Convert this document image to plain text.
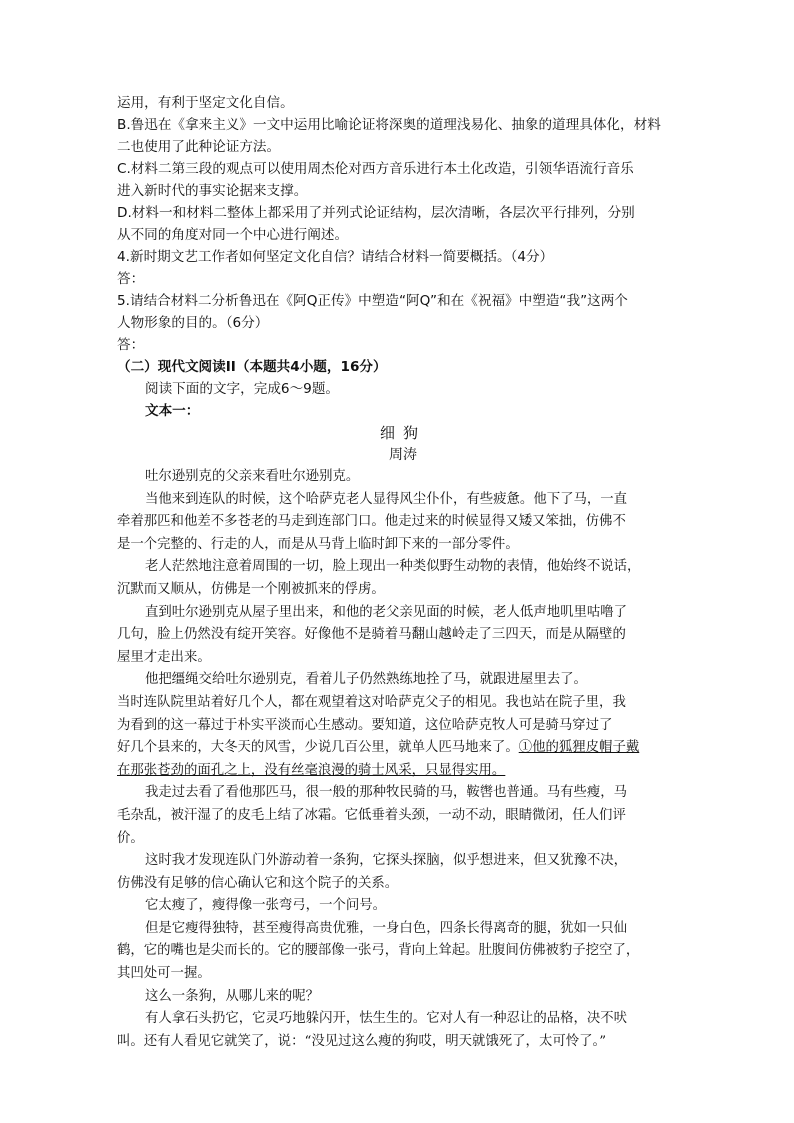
运用，有利于坚定文化自信。
B.鲁迅在《拿来主义》一文中运用比喻论证将深奥的道理浅易化、抽象的道理具体化，材料
二也使用了此种论证方法。
C.材料二第三段的观点可以使用周杰伦对西方音乐进行本土化改造，引领华语流行音乐
进入新时代的事实论据来支撑。
D.材料一和材料二整体上都采用了并列式论证结构，层次清晰，各层次平行排列，分别
从不同的角度对同一个中心进行阐述。
4.新时期文艺工作者如何坚定文化自信？请结合材料一简要概括。（4分）
答：
5.请结合材料二分析鲁迅在《阿Q正传》中塑造“阿Q”和在《祝福》中塑造“我”这两个
人物形象的目的。（6分）
答：
（二）现代文阅读II（本题共4小题，16分）
阅读下面的文字，完成6～9题。
文本一：
细狗
周涛

吐尔逊别克的父亲来看吐尔逊别克。

当他来到连队的时候，这个哈萨克老人显得风尘仆仆，有些疲惫。他下了马，一直

牵着那匹和他差不多苍老的马走到连部门口。他走过来的时候显得又矮又笨拙，仿佛不

是一个完整的、行走的人，而是从马背上临时卸下来的一部分零件。

老人茫然地注意着周围的一切，脸上现出一种类似野生动物的表情，他始终不说话，

沉默而又顺从，仿佛是一个刚被抓来的俘虏。

直到吐尔逊别克从屋子里出来，和他的老父亲见面的时候，老人低声地叽里咕噜了

几句，脸上仍然没有绽开笑容。好像他不是骑着马翻山越岭走了三四天，而是从隔壁的

屋里才走出来。

他把缰绳交给吐尔逊别克，看着儿子仍然熟练地拴了马，就跟进屋里去了。

当时连队院里站着好几个人，都在观望着这对哈萨克父子的相见。我也站在院子里，我

为看到的这一幕过于朴实平淡而心生感动。要知道，这位哈萨克牧人可是骑马穿过了

好几个县来的，大冬天的风雪，少说几百公里，就单人匹马地来了。①他的狐狸皮帽子戴

在那张苍劲的面孔之上，没有丝毫浪漫的骑士风采，只显得实用。

我走过去看了看他那匹马，很一般的那种牧民骑的马，鞍辔也普通。马有些瘦，马

毛杂乱，被汗湿了的皮毛上结了冰霜。它低垂着头颈，一动不动，眼睛微闭，任人们评

价。

这时我才发现连队门外游动着一条狗，它探头探脑，似乎想进来，但又犹豫不决，

仿佛没有足够的信心确认它和这个院子的关系。

它太瘦了，瘦得像一张弯弓，一个问号。

但是它瘦得独特，甚至瘦得高贵优雅，一身白色，四条长得离奇的腿，犹如一只仙

鹤，它的嘴也是尖而长的。它的腰部像一张弓，背向上耸起。肚腹间仿佛被豹子挖空了，

其凹处可一握。

这么一条狗，从哪儿来的呢？

有人拿石头扔它，它灵巧地躲闪开，怯生生的。它对人有一种忍让的品格，决不吠

叫。还有人看见它就笑了，说：“没见过这么瘦的狗哎，明天就饿死了，太可怜了。”
